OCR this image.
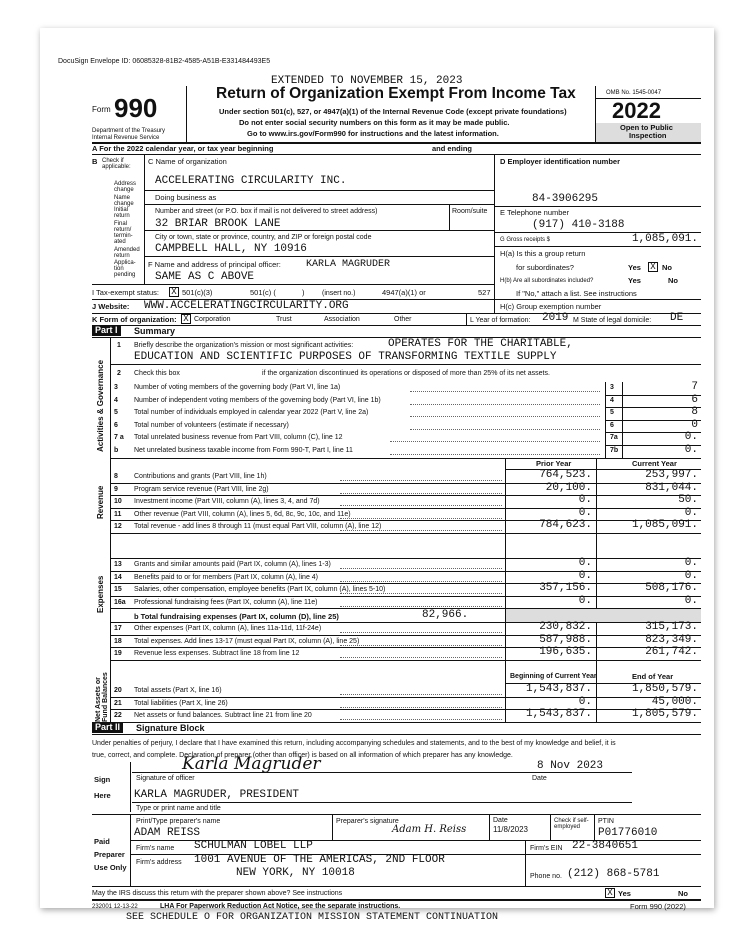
DocuSign Envelope ID: 06085328-81B2-4585-A51B-E331484493E5
EXTENDED TO NOVEMBER 15, 2023
Form 990
Department of the Treasury
Internal Revenue Service
Return of Organization Exempt From Income Tax
Under section 501(c), 527, or 4947(a)(1) of the Internal Revenue Code (except private foundations)
Do not enter social security numbers on this form as it may be made public.
Go to www.irs.gov/Form990 for instructions and the latest information.
OMB No. 1545-0047
2022
Open to Public
Inspection
A For the 2022 calendar year, or tax year beginning	and ending
B Check if applicable:
Address change
Name change
Initial return
Final return/ termin- ated
Amended return
Applica- tion pending
C Name of organization
ACCELERATING CIRCULARITY INC.
Doing business as
Number and street (or P.O. box if mail is not delivered to street address)	Room/suite
32 BRIAR BROOK LANE
City or town, state or province, country, and ZIP or foreign postal code
CAMPBELL HALL, NY 10916
F Name and address of principal officer:	KARLA MAGRUDER
SAME AS C ABOVE
D Employer identification number
84-3906295
E Telephone number
(917) 410-3188
G Gross receipts $	1,085,091.
H(a) Is this a group return
for subordinates?	Yes X No
H(b) Are all subordinates included?	Yes	No
If "No," attach a list. See instructions
I Tax-exempt status: X 501(c)(3)	501(c) (	)	(insert no.)	4947(a)(1) or	527
J Website: WWW.ACCELERATINGCIRCULARITY.ORG	H(c) Group exemption number
K Form of organization: X Corporation	Trust	Association	Other	L Year of formation: 2019 M State of legal domicile: DE
Part I	Summary
Activities & Governance
Revenue
Expenses
Net Assets or Fund Balances
1 Briefly describe the organization's mission or most significant activities:	OPERATES FOR THE CHARITABLE,
EDUCATION AND SCIENTIFIC PURPOSES OF TRANSFORMING TEXTILE SUPPLY
2 Check this box	if the organization discontinued its operations or disposed of more than 25% of its net assets.
Prior Year	Current Year
b Total fundraising expenses (Part IX, column (D), line 25)	82,966.
Beginning of Current Year	End of Year
Part II	Signature Block
Under penalties of perjury, I declare that I have examined this return, including accompanying schedules and statements, and to the best of my knowledge and belief, it is
true, correct, and complete. Declaration of preparer (other than officer) is based on all information of which preparer has any knowledge.
Sign
Here
Karla Magruder	8 Nov 2023
Signature of officer	Date
KARLA MAGRUDER, PRESIDENT
Type or print name and title
Paid
Preparer
Use Only
Print/Type preparer's name
ADAM REISS
Preparer's signature
Adam H. Reiss
Date
11/8/2023
Check if self-employed
PTIN
P01776010
Firm's name SCHULMAN LOBEL LLP	Firm's EIN 22-3840651
Firm's address 1001 AVENUE OF THE AMERICAS, 2ND FLOOR
NEW YORK, NY 10018	Phone no. (212) 868-5781
May the IRS discuss this return with the preparer shown above? See instructions	X Yes	No
232001 12-13-22	LHA For Paperwork Reduction Act Notice, see the separate instructions.	Form 990 (2022)
SEE SCHEDULE O FOR ORGANIZATION MISSION STATEMENT CONTINUATION
3 Number of voting members of the governing body (Part VI, line 1a)	3	7
4 Number of independent voting members of the governing body (Part VI, line 1b)	4	6
5 Total number of individuals employed in calendar year 2022 (Part V, line 2a)	5	8
6 Total number of volunteers (estimate if necessary)	6	0
7 a Total unrelated business revenue from Part VIII, column (C), line 12	7a	0.
b Net unrelated business taxable income from Form 990-T, Part I, line 11	7b	0.
8 Contributions and grants (Part VIII, line 1h)	764,523.	253,997.
9 Program service revenue (Part VIII, line 2g)	20,100.	831,044.
10 Investment income (Part VIII, column (A), lines 3, 4, and 7d)	0.	50.
11 Other revenue (Part VIII, column (A), lines 5, 6d, 8c, 9c, 10c, and 11e)	0.	0.
12 Total revenue - add lines 8 through 11 (must equal Part VIII, column (A), line 12)	784,623.	1,085,091.
13 Grants and similar amounts paid (Part IX, column (A), lines 1-3)	0.	0.
14 Benefits paid to or for members (Part IX, column (A), line 4)	0.	0.
15 Salaries, other compensation, employee benefits (Part IX, column (A), lines 5-10)	357,156.	508,176.
16a Professional fundraising fees (Part IX, column (A), line 11e)	0.	0.
17 Other expenses (Part IX, column (A), lines 11a-11d, 11f-24e)	230,832.	315,173.
18 Total expenses. Add lines 13-17 (must equal Part IX, column (A), line 25)	587,988.	823,349.
19 Revenue less expenses. Subtract line 18 from line 12	196,635.	261,742.
20 Total assets (Part X, line 16)	1,543,837.	1,850,579.
21 Total liabilities (Part X, line 26)	0.	45,000.
22 Net assets or fund balances. Subtract line 21 from line 20	1,543,837.	1,805,579.
